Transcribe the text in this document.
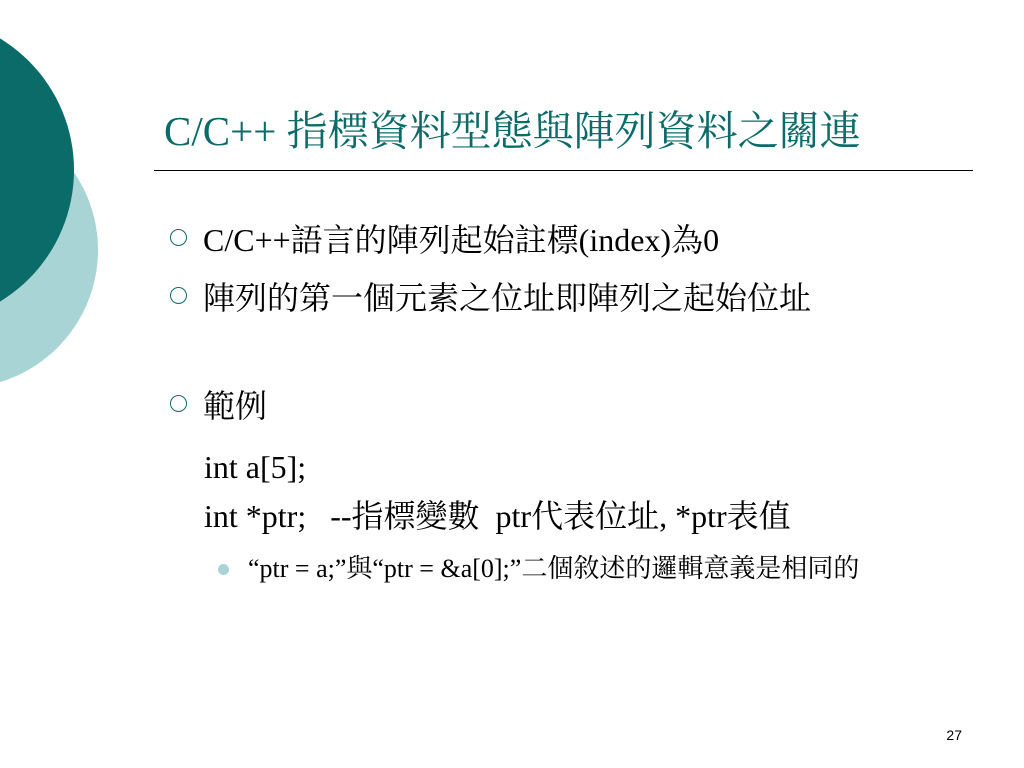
C/C++ 指標資料型態與陣列資料之關連
C/C++語言的陣列起始註標(index)為0
陣列的第一個元素之位址即陣列之起始位址
範例
int a[5];
int *ptr;   --指標變數  ptr代表位址, *ptr表值
“ptr = a;”與“ptr = &a[0];”二個敘述的邏輯意義是相同的
27
